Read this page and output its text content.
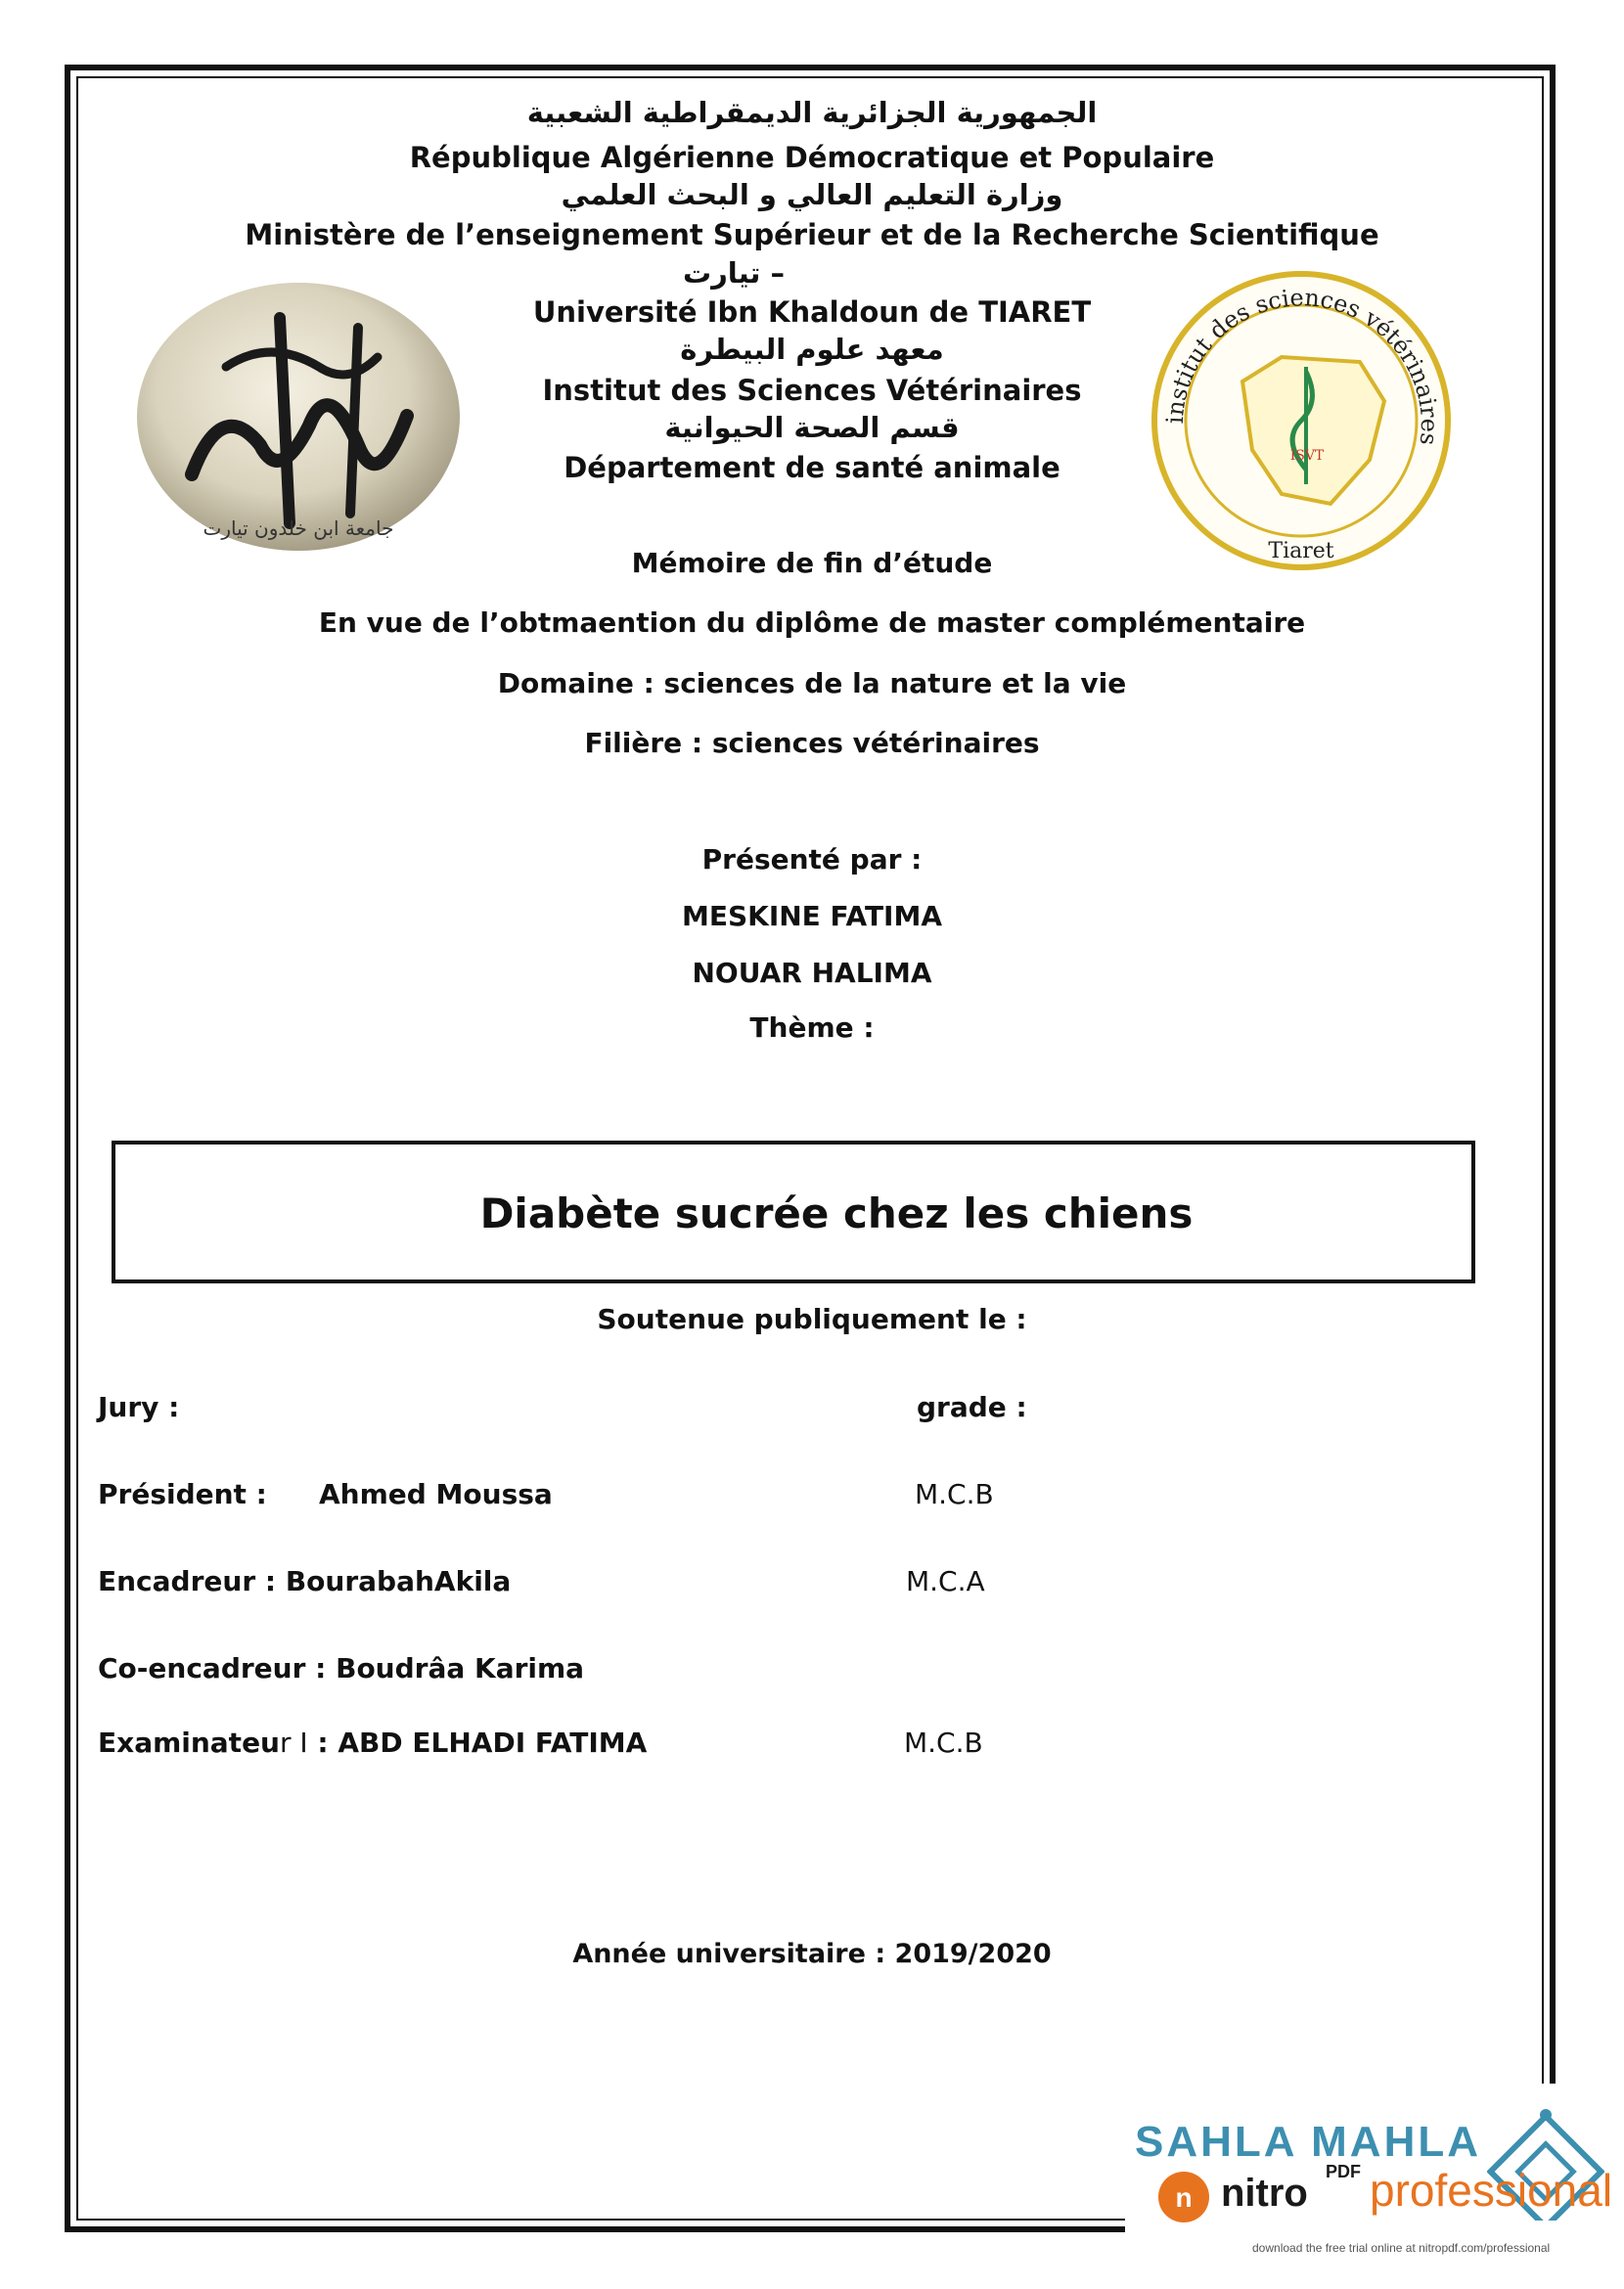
الجمهورية الجزائرية الديمقراطية الشعبية
République Algérienne Démocratique et Populaire
وزارة التعليم العالي و البحث العلمي
Ministère de l’enseignement Supérieur et de la Recherche Scientifique
– تيارت
Université Ibn Khaldoun de TIARET
معهد علوم البيطرة
Institut des Sciences Vétérinaires
قسم الصحة الحيوانية
Département de santé animale
جامعة ابن خلدون تيارت
institut des sciences vétérinaires
ISVT
Tiaret
Mémoire de fin d’étude
En vue de l’obtmaention du diplôme de master complémentaire
Domaine : sciences de la nature et la vie
Filière : sciences vétérinaires
Présenté par :
MESKINE FATIMA
NOUAR HALIMA
Thème :
Diabète sucrée chez les chiens
Soutenue publiquement le :
Jury :	grade :
Président : Ahmed Moussa	M.C.B
Encadreur : BourabahAkila	M.C.A
Co-encadreur : Boudrâa Karima
Examinateur I : ABD ELHADI FATIMA	M.C.B
Année universitaire : 2019/2020
SAHLA MAHLA
n nitro PDF professional
download the free trial online at nitropdf.com/professional
